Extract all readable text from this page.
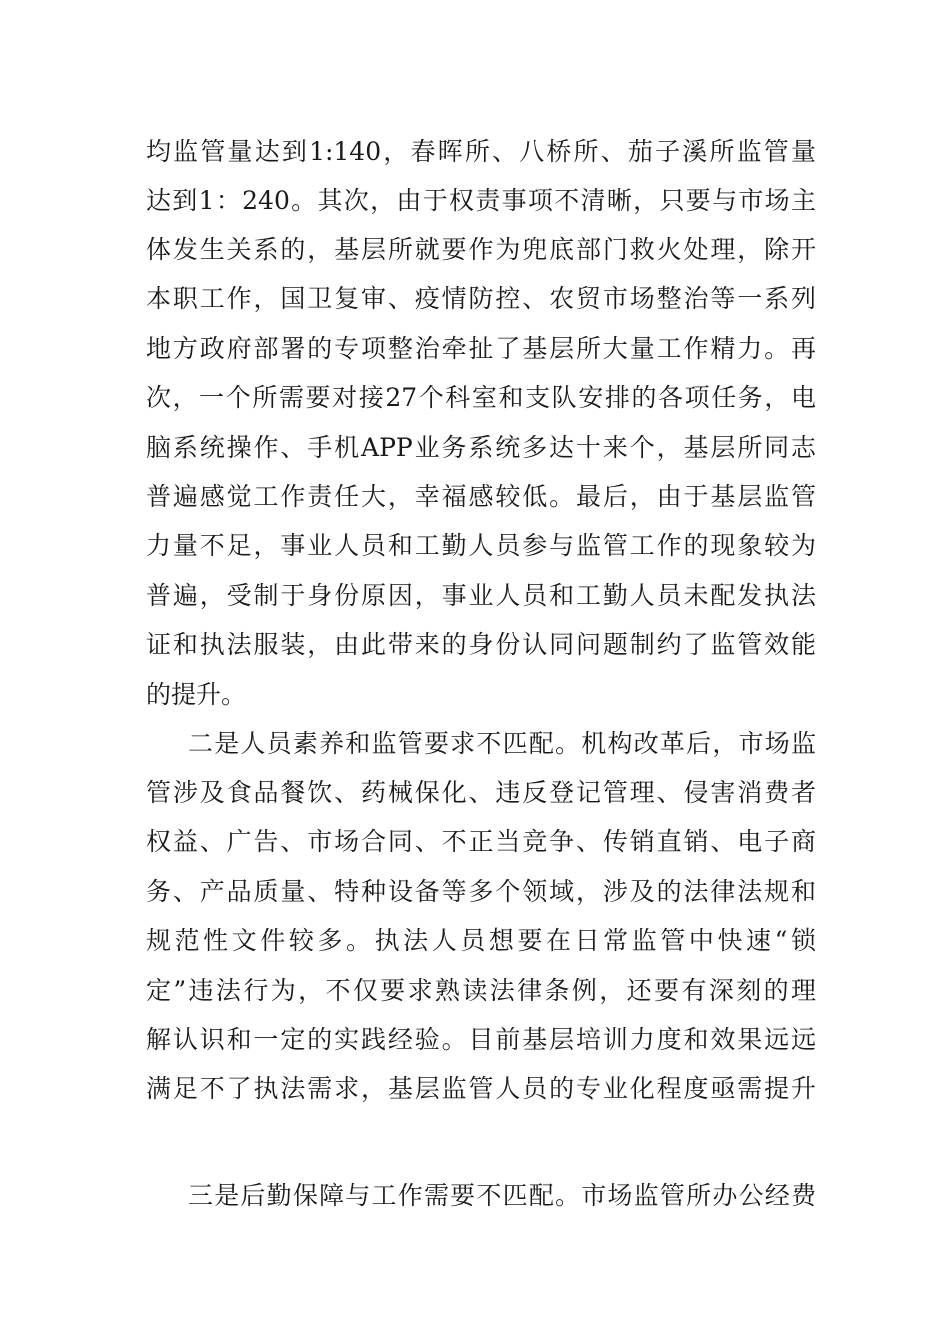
均监管量达到1:140，春晖所、八桥所、茄子溪所监管量
达到1：240。其次，由于权责事项不清晰，只要与市场主
体发生关系的，基层所就要作为兜底部门救火处理，除开
本职工作，国卫复审、疫情防控、农贸市场整治等一系列
地方政府部署的专项整治牵扯了基层所大量工作精力。再
次，一个所需要对接27个科室和支队安排的各项任务，电
脑系统操作、手机APP业务系统多达十来个，基层所同志
普遍感觉工作责任大，幸福感较低。最后，由于基层监管
力量不足，事业人员和工勤人员参与监管工作的现象较为
普遍，受制于身份原因，事业人员和工勤人员未配发执法
证和执法服装，由此带来的身份认同问题制约了监管效能
的提升。
二是人员素养和监管要求不匹配。机构改革后，市场监
管涉及食品餐饮、药械保化、违反登记管理、侵害消费者
权益、广告、市场合同、不正当竞争、传销直销、电子商
务、产品质量、特种设备等多个领域，涉及的法律法规和
规范性文件较多。执法人员想要在日常监管中快速“锁
定”违法行为，不仅要求熟读法律条例，还要有深刻的理
解认识和一定的实践经验。目前基层培训力度和效果远远
满足不了执法需求，基层监管人员的专业化程度亟需提升
三是后勤保障与工作需要不匹配。市场监管所办公经费
